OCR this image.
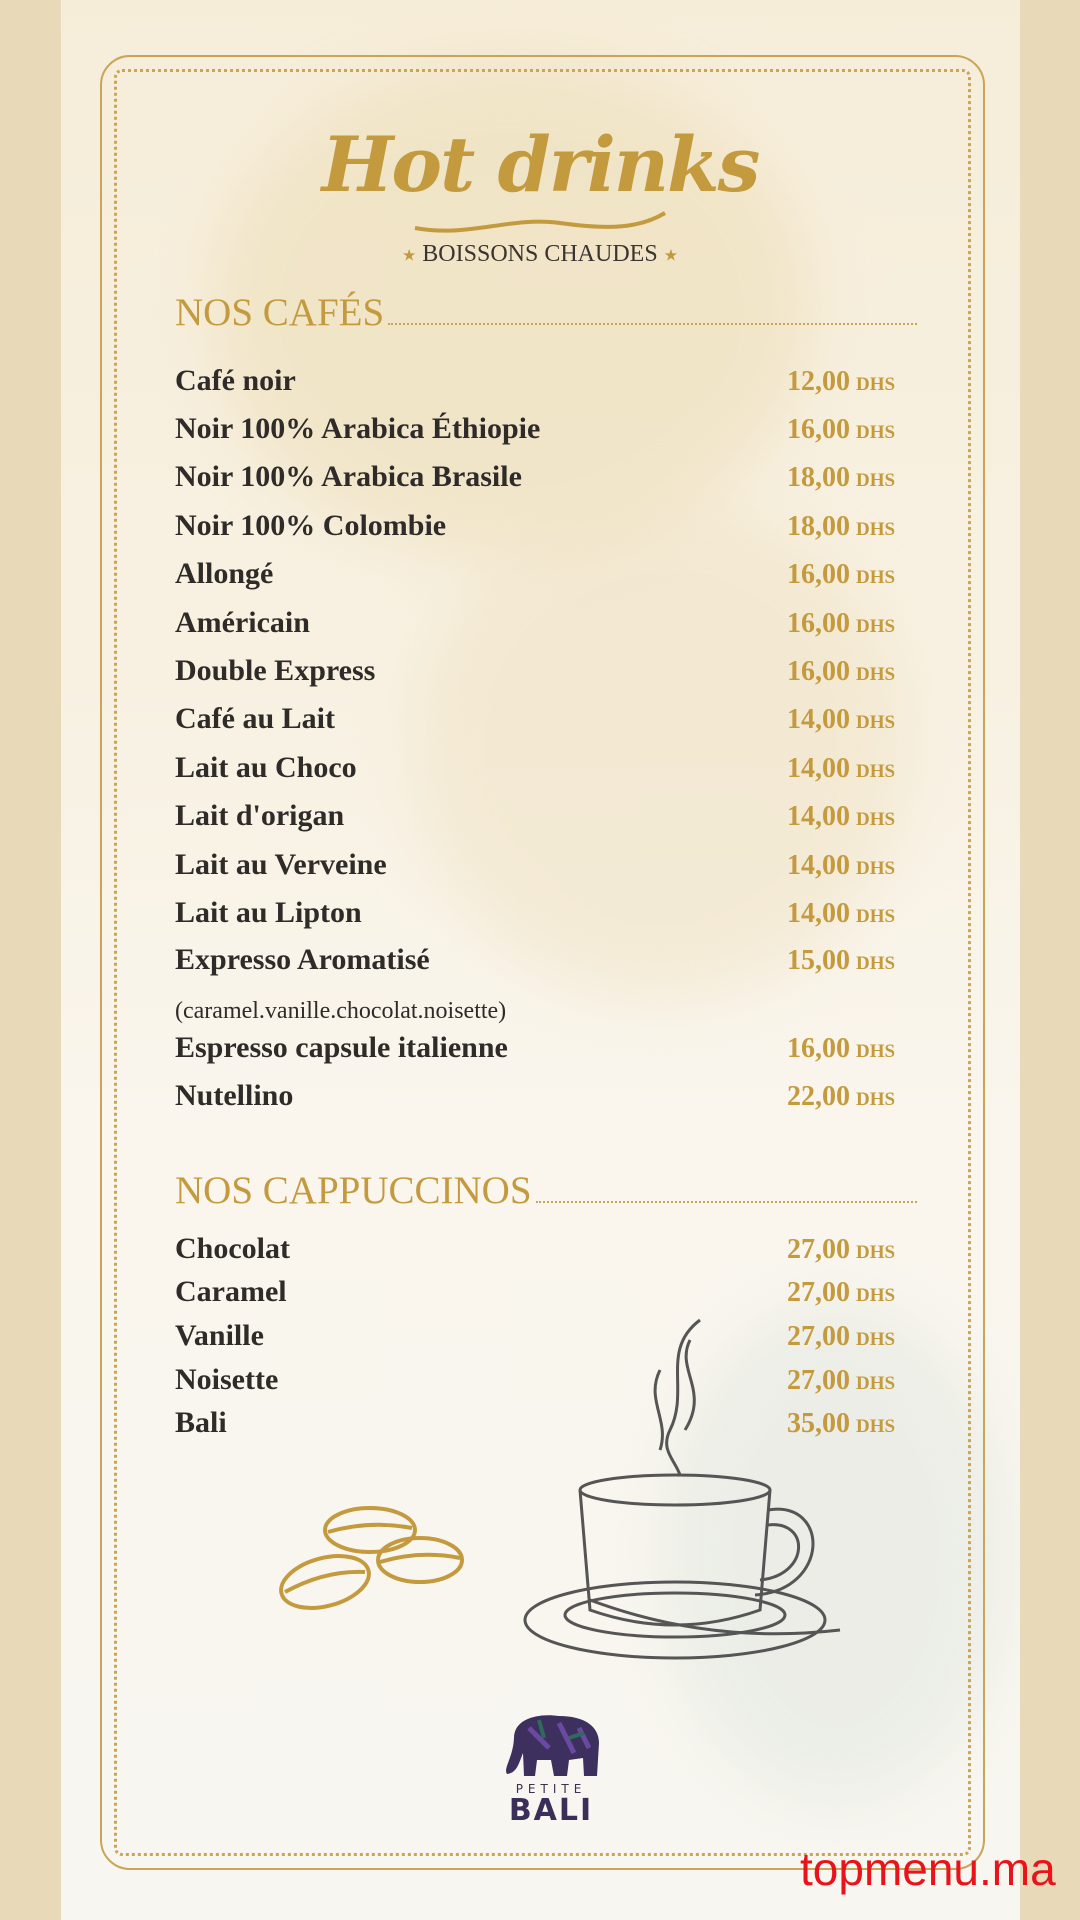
Hot drinks
★ BOISSONS CHAUDES ★
NOS CAFÉS
Café noir	12,00 DHS
Noir 100% Arabica Éthiopie	16,00 DHS
Noir 100% Arabica Brasile	18,00 DHS
Noir 100% Colombie	18,00 DHS
Allongé	16,00 DHS
Américain	16,00 DHS
Double Express	16,00 DHS
Café au Lait	14,00 DHS
Lait au Choco	14,00 DHS
Lait d'origan	14,00 DHS
Lait au Verveine	14,00 DHS
Lait au Lipton	14,00 DHS
Expresso Aromatisé	15,00 DHS
(caramel.vanille.chocolat.noisette)
Espresso capsule italienne	16,00 DHS
Nutellino	22,00 DHS
NOS CAPPUCCINOS
Chocolat	27,00 DHS
Caramel	27,00 DHS
Vanille	27,00 DHS
Noisette	27,00 DHS
Bali	35,00 DHS
PETITE
BALI
topmenu.ma
